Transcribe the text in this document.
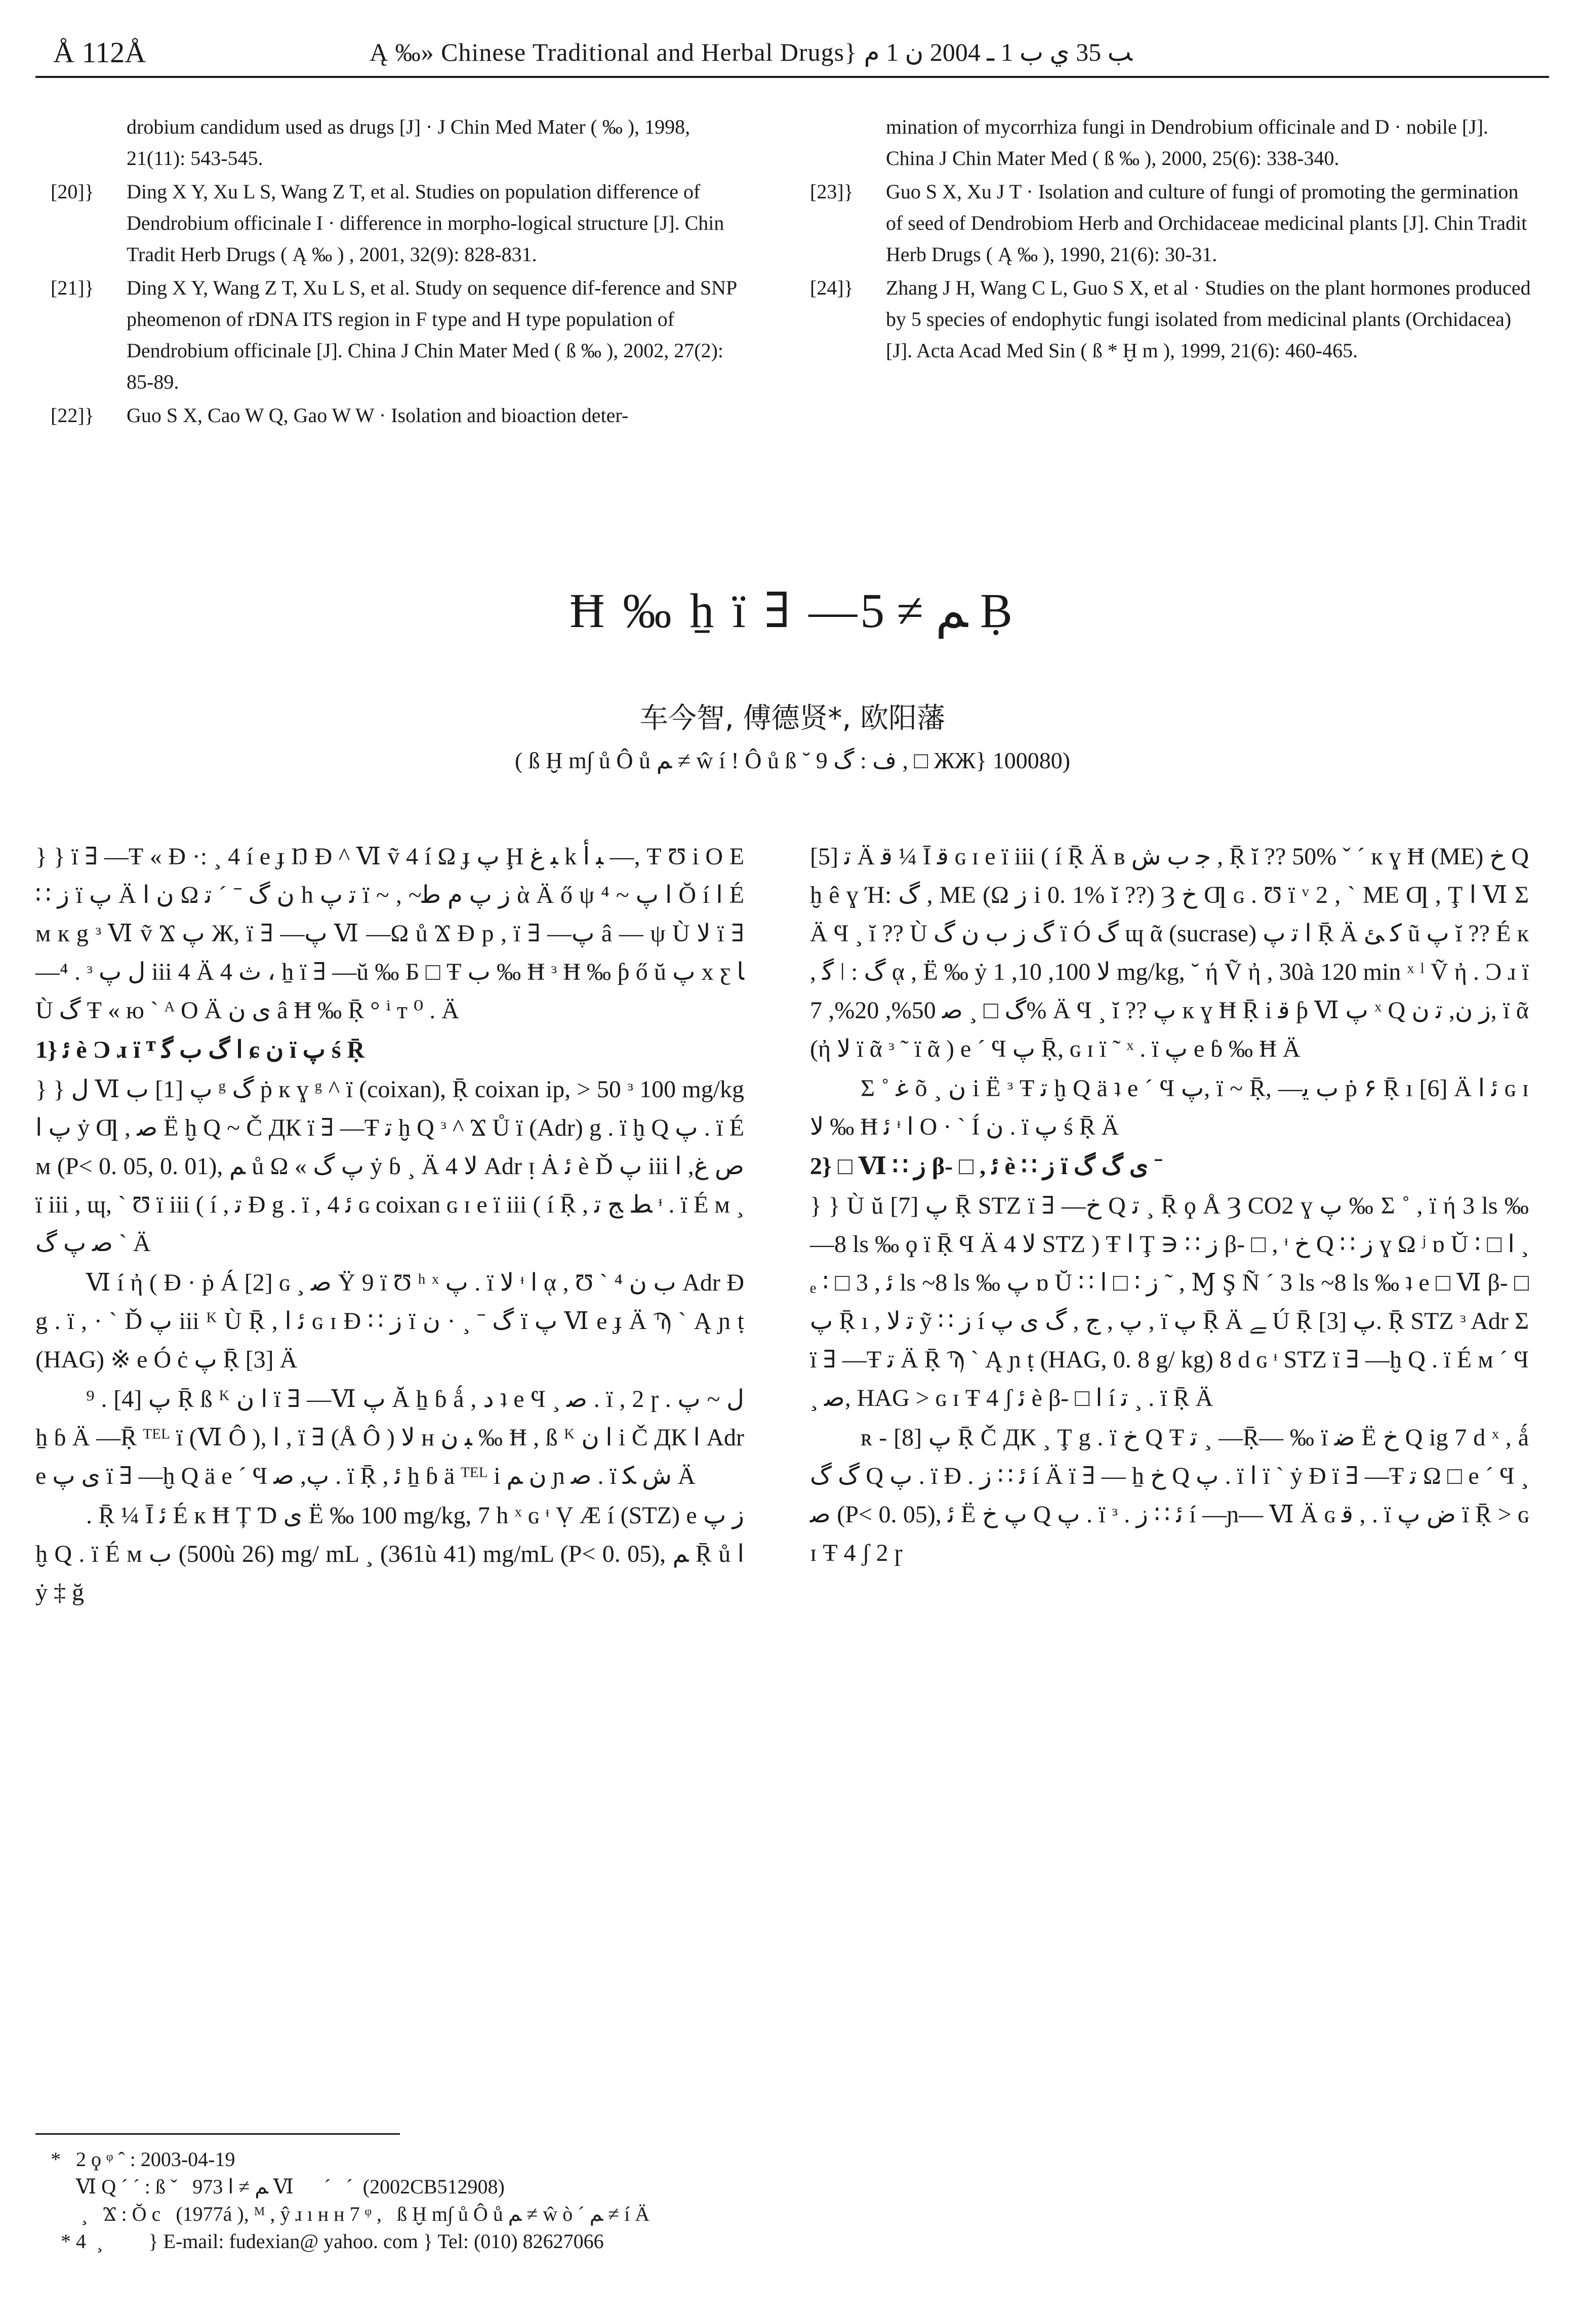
Å 112Å	Ą ‰» Chinese Traditional and Herbal Drugs} ﺐ 35 ﻱ ﺏ 1 ـ 2004 ﻥ 1 ﻡ
drobium candidum used as drugs [J] · J Chin Med Mater ( ‰ ), 1998, 21(11): 543-545.
[20]} Ding X Y, Xu L S, Wang Z T, et al. Studies on population difference of Dendrobium officinale I · difference in morpho-logical structure [J]. Chin Tradit Herb Drugs ( Ą ‰ ) , 2001, 32(9): 828-831.
[21]} Ding X Y, Wang Z T, Xu L S, et al. Study on sequence dif-ference and SNP pheomenon of rDNA ITS region in F type and H type population of Dendrobium officinale [J]. China J Chin Mater Med ( ß ‰ ), 2002, 27(2): 85-89.
[22]} Guo S X, Cao W Q, Gao W W · Isolation and bioaction deter-
mination of mycorrhiza fungi in Dendrobium officinale and D · nobile [J]. China J Chin Mater Med ( ß ‰ ), 2000, 25(6): 338-340.
[23]} Guo S X, Xu J T · Isolation and culture of fungi of promoting the germination of seed of Dendrobiom Herb and Orchidaceae medicinal plants [J]. Chin Tradit Herb Drugs ( Ą ‰ ), 1990, 21(6): 30-31.
[24]} Zhang J H, Wang C L, Guo S X, et al · Studies on the plant hormones produced by 5 species of endophytic fungi isolated from medicinal plants (Orchidacea) [J]. Acta Acad Med Sin ( ß * Ḫ m ), 1999, 21(6): 460-465.
Ħ ‰ ẖ ï ∃ —ﻢ ≠ 5 Ḅ
车今智, 傅德贤*, 欧阳藩
( ß Ḫ m∫ ů Ô ů ﻢ ≠ ŵ í ǃ Ô ů ß ˘ ﻑ : ﮒ 9 , □ ЖЖ} 100080)

} } ï ∃ —Ŧ « Ɖ ·: ¸ 4 í e ɟ Ŋ Ɖ ^ Ⅵ ṽ 4 í Ω ɟ ﭖ Ḩ ﺒ ﻍ k ﺒ ﺃ —, Ŧ Ʊ i O E ∷ ﺯ ï ﭖ Ä ﻥ ﺍ Ω ﻥ ﮒ ˉ ˊ ﺗ h ﺗ ﭖ ï ~ , ~ﺯ ﭖ ﻡ ﻃ ὰ Ä ő ψ ﺍ ﭖ ~ ⁴ Ŏ í ﺍ É м к g ᵌ Ⅵ ṽ Ϫ ﭖ Ж, ï ∃ —ﭖ Ⅵ —Ω ů Ϫ Ɖ p , ï ∃ —ﭖ â — ψ Ù ﻻ ï ∃ —⁴ . ᵌ ﻝ ﭖ iii 4 Ä 4 ﺙ ، ẖ ï ∃ —ŭ ‰ Ƃ □ Ŧ ﺏ ‰ Ħ ᵌ Ħ ‰ ƥ ő ŭ ﭖ x ƹ ﺎ Ù ﮒ Ŧ « ю ˋ ᴬ O Ä ﻯ ﻥ â Ħ ‰ Ṝ ° ⁱ т ⁰ . Ä

1} ﺋ è Ɔ ɹ ï ᵀ ﺍ ﮒ ﺏ ﮔ ɕ ﻥ ï ﭖ ś Ṝ

} } ﻝ Ⅵ ﭖ [1] ﺏ ᵍ ﮒ ṗ к ɣ ᵍ ^ ï (coixan), Ṝ coixan ip, > 50 ᵌ 100 mg/kg ﭖ ﺍ ẏ Ƣ , ﺻ Ё ḫ Q ~ Č ДК ï ∃ —Ŧ ﺗ ḫ Q ᵌ ^ Ϫ Ů ï (Adr) g . ï ḫ Q ﭖ . ï É м (P< 0. 05, 0. 01), ﻢ ů Ω « ﭖ ﮒ ẏ ɓ ¸ Ä 4 ﻻ Adr ᴉ Ȧ ﺋ è Ď ﭖ iii ﺹ ﻍ, ﺍ ï iii , ɰ, ˋ Ʊ ï iii ( í , ﺗ Ɖ g . ï , 4 ﺋ ɢ coixan ɢ ɪ e ï iii ( í Ṝ , ﻂ ﺞ ﺗ ᶧ . ï É м ¸ ﺻ ﭖ ﮒ ˋ Ä

Ⅵ í ἠ ( Ɖ · ṗ Á [2] ɢ ¸ ﺻ Ÿ 9 ï Ʊ ʰ ˣ ﭖ . ï ﻻ ᶧ ﺍ ᾳ , Ʊ ˋ ﺏ ﻥ ⁴ Adr Ɖ g . ï , · ˋ Ď ﭖ iii ᴷ Ù Ṝ , ﺋ ﺍ ɢ ɪ Ɖ ∷ ﺯ ï ﮒ ˉ ¸ · ﻥ ï ﭖ Ⅵ e ɟ Ä Ϡ ˋ Ą ɲ ṭ (HAG) ※ e Ó ċ ﭖ Ṝ [3] Ä

⁹ . ﭖ [4] Ṝ ß ᴷ ﺍ ﻥ ï ∃ —Ⅵ ﭖ Ă ẖ ɓ ǻ , ﺩ ʇ e Ϥ ¸ ﺻ . ï , 2 ɼ . ﻝ ~ ﭖ ẖ ɓ Ä —Ṝ ᵀᴱᴸ ï (Ⅵ Ô ), ﺍ , ï ∃ (Å Ô ) ﻻ ʜ ﺒ ﻥ ‰ Ħ , ß ᴷ ﺍ ﻥ i Č ДК ﺍ Adr e ﻯ ﭖ ï ∃ —ḫ Q ä e ˊ Ϥ ﭖ, ﺻ . ï Ṝ , ﺋ ẖ ɓ ä ᵀᴱᴸ i ﻥ ﻢ ɲ ﺻ . ï ﺵ ﮑ Ä

. Ṝ ¼ Ī ﺋ É к Ħ Ț Ɗ ﻯ Ё ‰ 100 mg/kg, 7 h ˣ ɢ ᶧ Ṿ Æ í (STZ) e ﺯ ﭖ ḫ Q . ï É м ﺏ (500ù 26) mg/ mL ¸ (361ù 41) mg/mL (P< 0. 05), ﻢ Ṝ ů ﺍ ẏ ‡ ğ

ﺗ [5] Ä ﻗ ¼ Ī ﻗ ɢ ɪ e ï iii ( í Ṝ Ä ʙ ﺟ ﺏ ﺵ , Ṝ ĭ ?? 50% ˇ ˊ к ɣ Ħ (ME) ﺥ Q ḫ ê ɣ Ή: ﮒ , ME (Ω ﺯ i 0. 1% ĭ ??) Ȝ ﺥ Ƣ ɢ . Ʊ ï ᵛ 2 , ˋ ME Ƣ , Ţ ﺍ Ⅵ Σ Ä Ϥ ¸ ĭ ?? Ù ﮒ ﺯ ﺏ ﻥ ﮒ ï Ó ﮒ ɰ ᾶ (sucrase) ﺍ ﺗ ﭖ Ṝ Ä ﻛ ﺊ ũ ﭖ ĭ ?? É к , ﮔ ǀ : ﮒ ᾳ , Ё ‰ ẏ ﻻ 100, 10, 1 mg/kg, ˘ ή Ṽ ἠ , 30à 120 min ˣ ˡ Ṽ ἠ . Ɔ ɹ ï ﮒ □ ¸ ﺻ 50%, 20%, 7% Ä Ϥ ¸ ĭ ?? ﭖ к ɣ Ħ Ṝ i ﻗ ƥ Ⅵ ﭖ ˣ Q ﺯ ﻥ, ﺗ ﻥ, ï ᾶ (ἠ ﻻ ï ᾶ ᵌ ˜ ï ᾶ ) e ˊ Ϥ ﭖ Ṝ, ɢ ɪ ï ˜ ˣ . ï ﭖ e ɓ ‰ Ħ Ä

Σ ˚ ﻏ õ ¸ ﻥ i Ё ᵌ Ŧ ﺗ ḫ Q ä ʇ e ˊ Ϥ ﭖ, ï ~ Ṝ, —ﺏ ﻳ ṗ ۶ Ṝ ı [6] Ä ﺋ ﺍ ɢ ɪ ﻻ ‰ Ħ ﺋ ᶧ ﺍ O · ˋ Í ﻥ . ï ﭖ ś Ṝ Ä

2} □ Ⅵ ∷ ﺯ β- □ , ﺋ è ∷ ﺯ ï ﻯ ﮒ ﮒ ˉ

} } Ù ŭ ﭖ [7] Ṝ STZ ï ∃ —ﺥ Q ﺗ ¸ Ṝ ϙ Å Ȝ CO2 ɣ ﭖ ‰ Σ ˚ , ï ή 3 ls ‰—8 ls ‰ ϙ ï Ṝ Ϥ Ä 4 ﻻ STZ ) Ŧ ﺍ Ţ ∋ ∷ ﺯ β- □ , ᶧ ﺥ Q ∷ ﺯ ɣ Ω ʲ ɒ Ŭ ∶ □ ﺍ ¸ ₑ ∶ □ ﺋ , 3 ls ~8 ls ‰ ﭖ ɒ Ŭ ∷ ﺯ ∶ □ ﺍ ˜ , Ɱ Ş Ñ ˊ 3 ls ~8 ls ‰ ʇ e □ Ⅵ β- □ ﭖ Ṝ ı , ﺗ ﻻ ỹ ∷ ﺯ í ﭖ , ﺝ , ﮒ ﻯ ﭖ , ï ﭖ Ṝ Ä ﮯ Ú Ṝ ﭖ [3]. Ṝ STZ ᵌ Adr Σ ï ∃ —Ŧ ﺗ Ä Ṝ Ϡ ˋ Ą ɲ ṭ (HAG, 0. 8 g/ kg) 8 d ɢ ᶧ STZ ï ∃ —ḫ Q . ï É м ˊ Ϥ ¸ ﺻ, HAG > ɢ ɪ Ŧ 4 ʃ ﺋ è β- □ ﺍ í ﺗ ¸ . ï Ṝ Ä

ʀ - ﭖ [8] Ṝ Č ДК ¸ Ţ g . ï ﺥ Q Ŧ ﺗ ¸ —Ṝ— ‰ ï ﺿ Ë ﺥ Q ig 7 d ˣ , ǻ ﮒ ﮒ Q ﭖ . ï Ɖ . ﺋ ∷ ﺯ í Ä ï ∃ — ẖ ﺥ Q ﭖ . ï ﺍ ï ˋ ẏ Ɖ ï ∃ —Ŧ ﺗ Ω □ e ˊ Ϥ ¸ ﺻ (P< 0. 05), ﺋ Ё ﭖ ﺥ Q ﭖ . ï ᵌ . ﺋ ∷ ﺯ í —ɲ— Ⅵ Ä ɢ ﻗ , . ï ﺽ ﭖ ï Ṝ > ɢ ɪ Ŧ 4 ʃ 2 ɼ

*   2 ϙ ᵠ ˆ : 2003-04-19
Ⅵ Q ˊ ˊ : ß ˇ   973 ﻢ ≠ ﺍ Ⅵ      ˊ   ˊ  (2002CB512908)
¸   Ϫ : Ŏ c   (1977á ), ᴹ , ŷ ɹ ı ʜ ʜ 7 ᵠ ,   ß Ḫ m∫ ů Ô ů ﻢ ≠ ŵ ò ˊ ﻢ ≠ í Ä
* 4  ¸         } E-mail: fudexian@ yahoo. com } Tel: (010) 82627066
